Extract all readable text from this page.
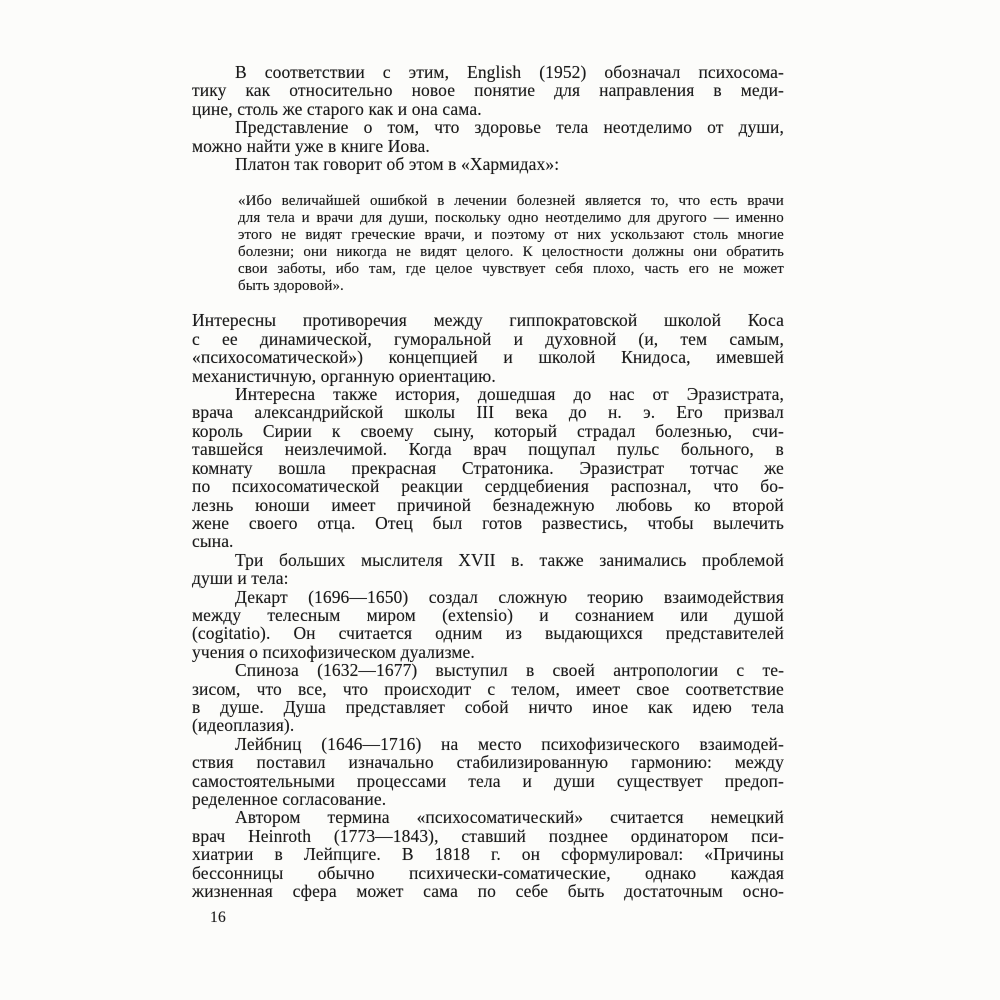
В соответствии с этим, English (1952) обозначал психосома-
тику как относительно новое понятие для направления в меди-
цине, столь же старого как и она сама.
Представление о том, что здоровье тела неотделимо от души,
можно найти уже в книге Иова.
Платон так говорит об этом в «Хармидах»:
«Ибо величайшей ошибкой в лечении болезней является то, что есть врачи
для тела и врачи для души, поскольку одно неотделимо для другого — именно
этого не видят греческие врачи, и поэтому от них ускользают столь многие
болезни; они никогда не видят целого. К целостности должны они обратить
свои заботы, ибо там, где целое чувствует себя плохо, часть его не может
быть здоровой».
Интересны противоречия между гиппократовской школой Коса
с ее динамической, гуморальной и духовной (и, тем самым,
«психосоматической») концепцией и школой Книдоса, имевшей
механистичную, органную ориентацию.
Интересна также история, дошедшая до нас от Эразистрата,
врача александрийской школы III века до н. э. Его призвал
король Сирии к своему сыну, который страдал болезнью, счи-
тавшейся неизлечимой. Когда врач пощупал пульс больного, в
комнату вошла прекрасная Стратоника. Эразистрат тотчас же
по психосоматической реакции сердцебиения распознал, что бо-
лезнь юноши имеет причиной безнадежную любовь ко второй
жене своего отца. Отец был готов развестись, чтобы вылечить
сына.
Три больших мыслителя XVII в. также занимались проблемой
души и тела:
Декарт (1696—1650) создал сложную теорию взаимодействия
между телесным миром (extensio) и сознанием или душой
(cogitatio). Он считается одним из выдающихся представителей
учения о психофизическом дуализме.
Спиноза (1632—1677) выступил в своей антропологии с те-
зисом, что все, что происходит с телом, имеет свое соответствие
в душе. Душа представляет собой ничто иное как идею тела
(идеоплазия).
Лейбниц (1646—1716) на место психофизического взаимодей-
ствия поставил изначально стабилизированную гармонию: между
самостоятельными процессами тела и души существует предоп-
ределенное согласование.
Автором термина «психосоматический» считается немецкий
врач Heinroth (1773—1843), ставший позднее ординатором пси-
хиатрии в Лейпциге. В 1818 г. он сформулировал: «Причины
бессонницы обычно психически-соматические, однако каждая
жизненная сфера может сама по себе быть достаточным осно-
16
